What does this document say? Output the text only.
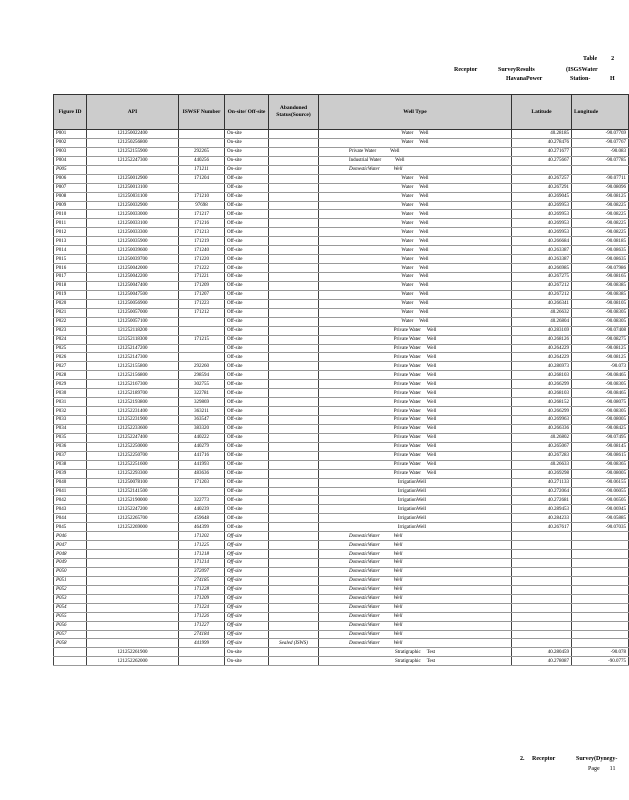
Table 2
Receptor	SurveyResults	(ISGSWater
HavanaPower	Station-	H
Figure ID	API	ISWSF Number	On-site/ Off-site	Abandoned Status(Source)	Well Type	Latitude	Longitude
P001	121250022400		On-site		Water Well	40.28185	-90.07769
P002	121250256800		On-site		Water Well	40.278476	-90.07767
P003	121252155900	292265	On-site		Private Water Well	40.271677	-90.083
P004	121252247300	440256	On-site		Industrial Water Well	40.275667	-90.07785
P005		171211	On-site		DomesticWater Well		

P006	121250012900	171204	Off-site		Water Well	40.267257	-90.07711
P007	121250013100		Off-site		Water Well	40.267291	-90.08096
P008	121250031100	171210	Off-site		Water Well	40.269045	-90.08125
P009	121250032900	97698	Off-site		Water Well	40.269953	-90.08225
P010	121250033000	171217	Off-site		Water Well	40.269953	-90.08225
P011	121250033100	171216	Off-site		Water Well	40.269953	-90.08225
P012	121250033300	171213	Off-site		Water Well	40.269953	-90.08225
P013	121250035900	171219	Off-site		Water Well	40.266684	-90.08185
P014	121250039600	171240	Off-site		Water Well	40.263387	-90.08635
P015	121250039700	171220	Off-site		Water Well	40.263387	-90.08635
P016	121250042000	171222	Off-site		Water Well	40.266985	-90.07986
P017	121250042200	171221	Off-site		Water Well	40.267275	-90.08165
P018	121250047400	171209	Off-site		Water Well	40.267212	-90.08385
P019	121250047500	171207	Off-site		Water Well	40.267212	-90.08385
P020	121250056900	171223	Off-site		Water Well	40.266341	-90.08105
P021	121250057000	171212	Off-site		Water Well	40.26632	-90.08305
P022	121250057100		Off-site		Water Well	40.26804	-90.08305
P023	121252118200		Off-site		Private Water Well	40.283169	-90.07408
P024	121252118300	171215	Off-site		Private Water Well	40.268126	-90.08275
P025	121252147200		Off-site		Private Water Well	40.264229	-90.08125
P026	121252147300		Off-site		Private Water Well	40.264229	-90.08125
P027	121252155800	292260	Off-site		Private Water Well	40.286973	-90.073
P028	121252156800	298594	Off-site		Private Water Well	40.268103	-90.08465
P029	121252167300	302755	Off-site		Private Water Well	40.266299	-90.08305
P030	121252189700	322781	Off-site		Private Water Well	40.268103	-90.08465
P031	121252193800	329869	Off-site		Private Water Well	40.268152	-90.08075
P032	121252231400	363211	Off-site		Private Water Well	40.266299	-90.08305
P033	121252231900	363547	Off-site		Private Water Well	40.269963	-90.08005
P034	121252233600	383320	Off-site		Private Water Well	40.266336	-90.08425
P035	121252247400	440222	Off-site		Private Water Well	40.26802	-90.07495
P036	121252250000	440279	Off-site		Private Water Well	40.265067	-90.08145
P037	121252250700	441716	Off-site		Private Water Well	40.267283	-90.08615
P038	121252251600	441993	Off-site		Private Water Well	40.26633	-90.08365
P039	121252293300	483636	Off-site		Private Water Well	40.269298	-90.08005
P040	121250078100	171203	Off-site		IrrigationWell	40.271133	-90.06155
P041	121252141500		Off-site		IrrigationWell	40.272064	-90.06055
P042	121252190000	322773	Off-site		IrrigationWell	40.272681	-90.06505
P043	121252247200	440239	Off-site		IrrigationWell	40.289453	-90.06945
P044	121252265700	459648	Off-site		IrrigationWell	40.284233	-90.05885
P045	121252269000	464399	Off-site		IrrigationWell	40.267617	-90.07035
P046		171202	Off-site		DomesticWater Well		

P047		171225	Off-site		DomesticWater Well		

P048		171218	Off-site		DomesticWater Well		

P049		171214	Off-site		DomesticWater Well		

P050		372097	Off-site		DomesticWater Well		

P051		274185	Off-site		DomesticWater Well		

P052		171228	Off-site		DomesticWater Well		

P053		171209	Off-site		DomesticWater Well		

P054		171224	Off-site		DomesticWater Well		

P055		171226	Off-site		DomesticWater Well		

P056		171227	Off-site		DomesticWater Well		

P057		274184	Off-site		DomesticWater Well		

P058		441999	Off-site	Sealed (ISWS)	DomesticWater Well		

	121252261900		On-site		Stratigraphic Test	40.280459	-90.078
	121252262000		On-site		Stratigraphic Test	40.278087	-90.0775
2. Receptor	Survey(Dynegy-
Page 11
